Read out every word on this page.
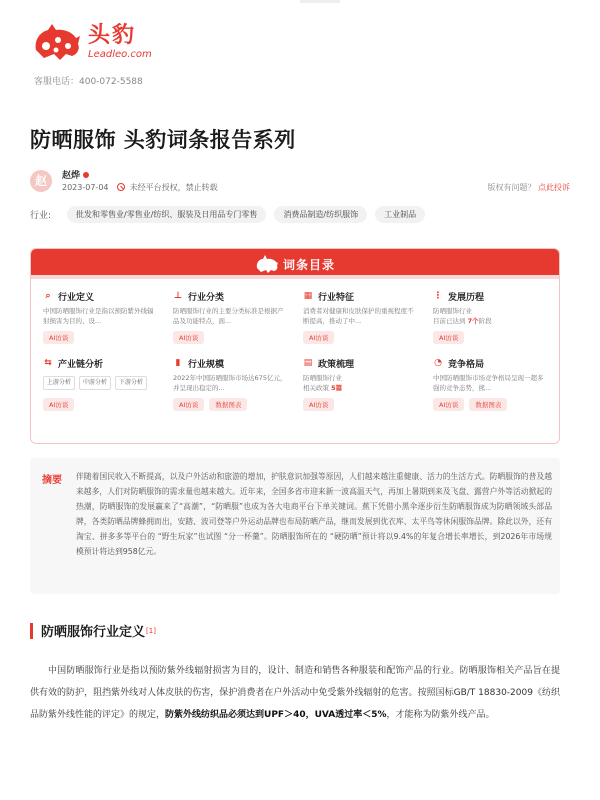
头豹
Leadleo.com
客服电话：400-072-5588
防晒服饰 头豹词条报告系列
赵	赵烨
2023-07-04	未经平台授权，禁止转载	版权有问题？ 点此投诉
行业:	批发和零售业/零售业/纺织、服装及日用品专门零售	消费品制造/纺织服饰	工业制品
词条目录
⌕ 行业定义
中国防晒服饰行业是指以预防紫外线辐射损害为目的、设...
AI访谈
⊥ 行业分类
防晒服饰行业的主要分类标准是根据产品及功能特点，面...
AI访谈
▦ 行业特征
消费者对健康和皮肤保护的重视程度不断提高，推动了中...
AI访谈
⋮ 发展历程
防晒服饰行业
目前已达到 7个阶段
AI访谈
⇆ 产业链分析
上游分析	中游分析	下游分析
AI访谈
▮ 行业规模
2022年中国防晒服饰市场达675亿元，并呈现出稳定的...
AI访谈	数据图表
▤ 政策梳理
防晒服饰行业
相关政策 5篇
AI访谈
◔ 竞争格局
中国防晒服饰市场竞争格局呈现一超多强的竞争态势，熊...
AI访谈	数据图表
摘要 伴随着国民收入不断提高，以及户外活动和旅游的增加，护肤意识加强等原因，人们越来越注重健康、活力的生活方式。防晒服饰的普及越来越多，人们对防晒服饰的需求量也越来越大。近年来，全国多省市迎来新一波高温天气，再加上暑期到来及飞盘、露营户外等活动掀起的热潮，防晒服饰的发展赢来了“高潮”，“防晒服”也成为各大电商平台下单关键词。蕉下凭借小黑伞逐步衍生防晒服饰成为防晒领域头部品牌，各类防晒品牌蜂拥而出，安踏、波司登等户外运动品牌也布局防晒产品，继而发展到优衣库、太平鸟等休闲服饰品牌。除此以外，还有淘宝、拼多多等平台的 “野生玩家”也试图 “分一杯羹”。防晒服饰所在的 “硬防晒”预计将以9.4%的年复合增长率增长，到2026年市场规模预计将达到958亿元。
防晒服饰行业定义 [1]
中国防晒服饰行业是指以预防紫外线辐射损害为目的，设计、制造和销售各种服装和配饰产品的行业。防晒服饰相关产品旨在提供有效的防护，阻挡紫外线对人体皮肤的伤害，保护消费者在户外活动中免受紫外线辐射的危害。按照国标GB/T 18830-2009《纺织品防紫外线性能的评定》的规定，防紫外线纺织品必须达到UPF＞40，UVA透过率＜5%，才能称为防紫外线产品。
